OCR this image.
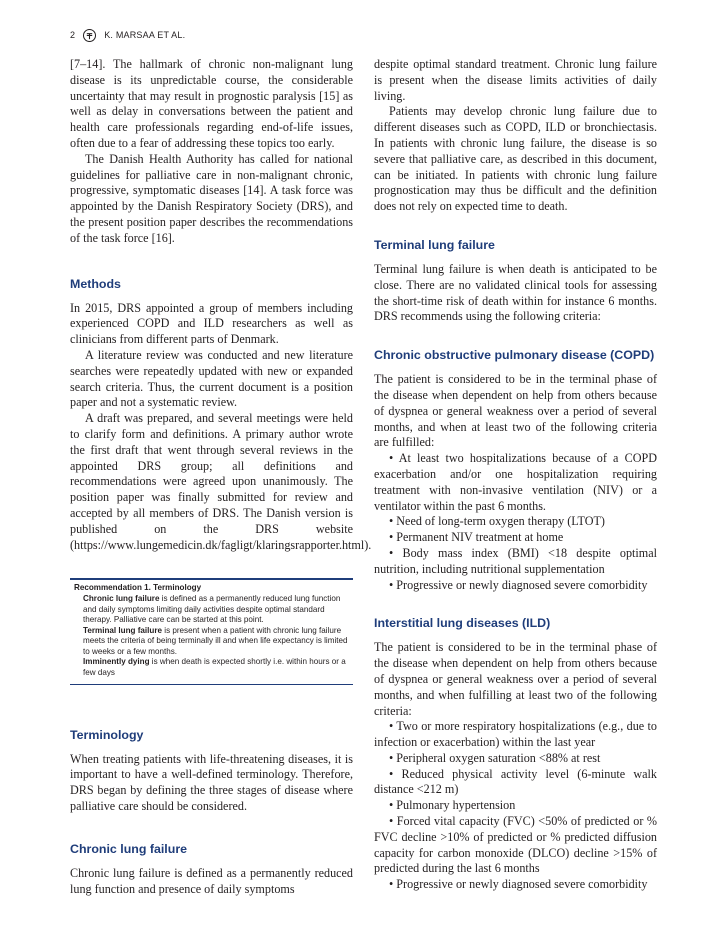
2	K. MARSAA ET AL.

[7–14]. The hallmark of chronic non-malignant lung disease is its unpredictable course, the considerable uncertainty that may result in prognostic paralysis [15] as well as delay in conversations between the patient and health care professionals regarding end-of-life issues, often due to a fear of addressing these topics too early.

The Danish Health Authority has called for national guidelines for palliative care in non-malignant chronic, progressive, symptomatic diseases [14]. A task force was appointed by the Danish Respiratory Society (DRS), and the present position paper describes the recommendations of the task force [16].

Methods

In 2015, DRS appointed a group of members including experienced COPD and ILD researchers as well as clinicians from different parts of Denmark.

A literature review was conducted and new literature searches were repeatedly updated with new or expanded search criteria. Thus, the current document is a position paper and not a systematic review.

A draft was prepared, and several meetings were held to clarify form and definitions. A primary author wrote the first draft that went through several reviews in the appointed DRS group; all definitions and recommendations were agreed upon unanimously. The position paper was finally submitted for review and accepted by all members of DRS. The Danish version is published on the DRS website (https://www.lungemedicin.dk/fagligt/klaringsrapporter.html).

Recommendation 1. Terminology
Chronic lung failure is defined as a permanently reduced lung function and daily symptoms limiting daily activities despite optimal standard therapy. Palliative care can be started at this point.
Terminal lung failure is present when a patient with chronic lung failure meets the criteria of being terminally ill and when life expectancy is limited to weeks or a few months.
Imminently dying is when death is expected shortly i.e. within hours or a few days
Terminology

When treating patients with life-threatening diseases, it is important to have a well-defined terminology. Therefore, DRS began by defining the three stages of disease where palliative care should be considered.

Chronic lung failure

Chronic lung failure is defined as a permanently reduced lung function and presence of daily symptoms

despite optimal standard treatment. Chronic lung failure is present when the disease limits activities of daily living.

Patients may develop chronic lung failure due to different diseases such as COPD, ILD or bronchiectasis. In patients with chronic lung failure, the disease is so severe that palliative care, as described in this document, can be initiated. In patients with chronic lung failure prognostication may thus be difficult and the definition does not rely on expected time to death.

Terminal lung failure

Terminal lung failure is when death is anticipated to be close. There are no validated clinical tools for assessing the short-time risk of death within for instance 6 months. DRS recommends using the following criteria:

Chronic obstructive pulmonary disease (COPD)

The patient is considered to be in the terminal phase of the disease when dependent on help from others because of dyspnea or general weakness over a period of several months, and when at least two of the following criteria are fulfilled:

• At least two hospitalizations because of a COPD exacerbation and/or one hospitalization requiring treatment with non-invasive ventilation (NIV) or a ventilator within the past 6 months.

• Need of long-term oxygen therapy (LTOT)

• Permanent NIV treatment at home

• Body mass index (BMI) <18 despite optimal nutrition, including nutritional supplementation

• Progressive or newly diagnosed severe comorbidity

Interstitial lung diseases (ILD)

The patient is considered to be in the terminal phase of the disease when dependent on help from others because of dyspnea or general weakness over a period of several months, and when fulfilling at least two of the following criteria:

• Two or more respiratory hospitalizations (e.g., due to infection or exacerbation) within the last year

• Peripheral oxygen saturation <88% at rest

• Reduced physical activity level (6-minute walk distance <212 m)

• Pulmonary hypertension

• Forced vital capacity (FVC) <50% of predicted or % FVC decline >10% of predicted or % predicted diffusion capacity for carbon monoxide (DLCO) decline >15% of predicted during the last 6 months

• Progressive or newly diagnosed severe comorbidity
